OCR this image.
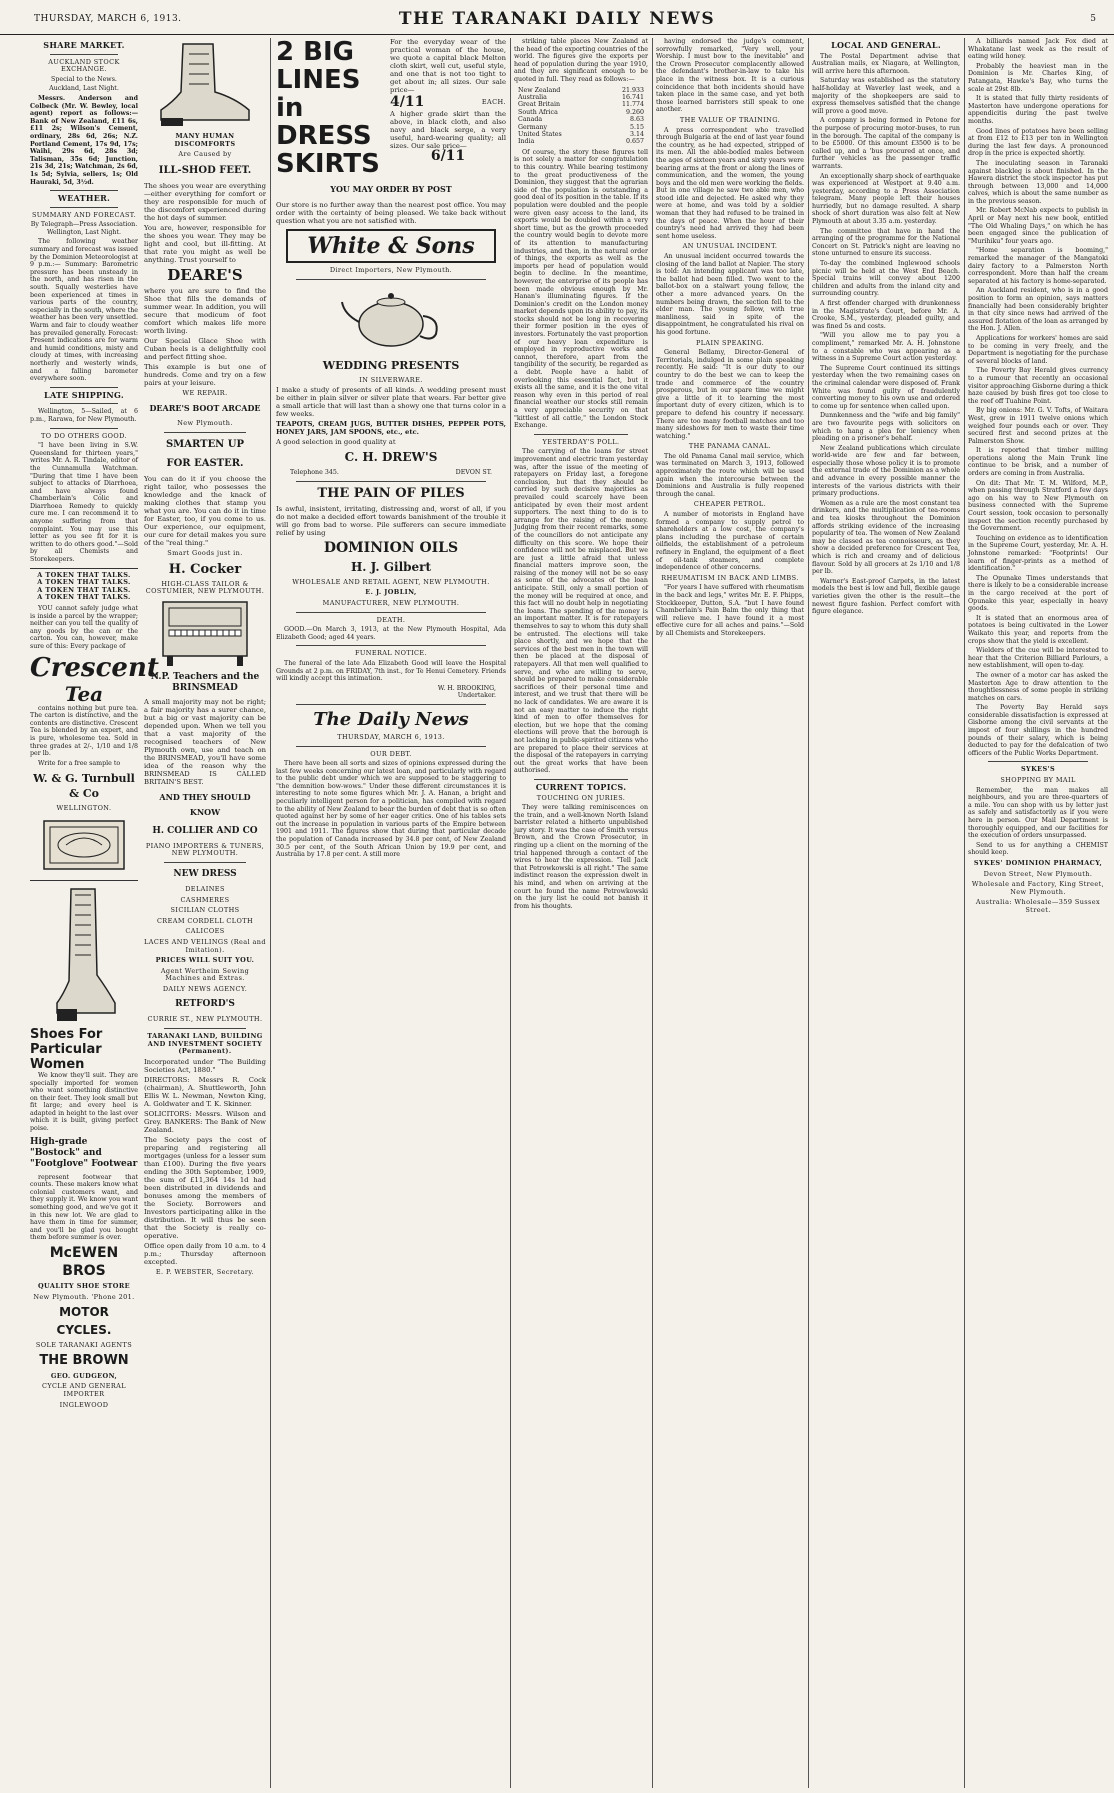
THURSDAY, MARCH 6, 1913.	THE TARANAKI DAILY NEWS	5
SHARE MARKET.
AUCKLAND STOCK EXCHANGE.

Special to the News.

Auckland, Last Night.

Messrs. Anderson and Colbeck (Mr. W. Bewley, local agent) report as follows:—Bank of New Zealand, £11 6s, £11 2s; Wilson's Cement, ordinary, 28s 6d, 26s; N.Z. Portland Cement, 17s 9d, 17s; Waihi, 29s 6d, 28s 3d; Talisman, 35s 6d; Junction, 21s 3d, 21s; Watchman, 2s 6d, 1s 5d; Sylvia, sellers, 1s; Old Hauraki, 5d, 3½d.

WEATHER.
SUMMARY AND FORECAST.

By Telegraph—Press Association. Wellington, Last Night.

The following weather summary and forecast was issued by the Dominion Meteorologist at 9 p.m.:— Summary: Barometric pressure has been unsteady in the north, and has risen in the south. Squally westerlies have been experienced at times in various parts of the country, especially in the south, where the weather has been very unsettled. Warm and fair to cloudy weather has prevailed generally. Forecast: Present indications are for warm and humid conditions, misty and cloudy at times, with increasing northerly and westerly winds, and a falling barometer everywhere soon.

LATE SHIPPING.

Wellington, 5—Sailed, at 6 p.m., Rarawa, for New Plymouth.

TO DO OTHERS GOOD.

"I have been living in S.W. Queensland for thirteen years," writes Mr. A. R. Tindale, editor of the Cunnamulla Watchman. "During that time I have been subject to attacks of Diarrhoea, and have always found Chamberlain's Colic and Diarrhoea Remedy to quickly cure me. I can recommend it to anyone suffering from that complaint. You may use this letter as you see fit for it is written to do others good."—Sold by all Chemists and Storekeepers.

A TOKEN THAT TALKS.
A TOKEN THAT TALKS.
A TOKEN THAT TALKS.
A TOKEN THAT TALKS.

YOU cannot safely judge what is inside a parcel by the wrapper; neither can you tell the quality of any goods by the can or the carton. You can, however, make sure of this: Every package of

Crescent
Tea

contains nothing but pure tea. The carton is distinctive, and the contents are distinctive. Crescent Tea is blended by an expert, and is pure, wholesome tea. Sold in three grades at 2/-, 1/10 and 1/8 per lb.

Write for a free sample to

W. & G. Turnbull & Co
WELLINGTON.
Shoes For Particular Women

We know they'll suit. They are specially imported for women who want something distinctive on their feet. They look small but fit large; and every heel is adapted in height to the last over which it is built, giving perfect poise.

High-grade "Bostock" and "Footglove" Footwear

represent footwear that counts. These makers know what colonial customers want, and they supply it. We know you want something good, and we've got it in this new lot. We are glad to have them in time for summer, and you'll be glad you bought them before summer is over.

McEWEN BROS
QUALITY SHOE STORE
New Plymouth. 'Phone 201.
MOTOR CYCLES.
SOLE TARANAKI AGENTS
THE BROWN
GEO. GUDGEON,
CYCLE AND GENERAL IMPORTER
INGLEWOOD
MANY HUMAN DISCOMFORTS
Are Caused by
ILL-SHOD FEET.

The shoes you wear are everything—either everything for comfort or they are responsible for much of the discomfort experienced during the hot days of summer.

You are, however, responsible for the shoes you wear. They may be light and cool, but ill-fitting. At that rate you might as well be anything. Trust yourself to

DEARE'S

where you are sure to find the Shoe that fills the demands of summer wear. In addition, you will secure that modicum of foot comfort which makes life more worth living.

Our Special Glace Shoe with Cuban heels is a delightfully cool and perfect fitting shoe.

This example is but one of hundreds. Come and try on a few pairs at your leisure.

WE REPAIR.
DEARE'S BOOT ARCADE
New Plymouth.
SMARTEN UP
FOR EASTER.

You can do it if you choose the right tailor, who possesses the knowledge and the knack of making clothes that stamp you what you are. You can do it in time for Easter, too, if you come to us. Our experience, our equipment, our cure for detail makes you sure of the "real thing."

Smart Goods just in.
H. Cocker
HIGH-CLASS TAILOR & COSTUMIER, NEW PLYMOUTH.
N.P. Teachers and the BRINSMEAD

A small majority may not be right; a fair majority has a surer chance, but a big or vast majority can be depended upon. When we tell you that a vast majority of the recognised teachers of New Plymouth own, use and teach on the BRINSMEAD, you'll have some idea of the reason why the BRINSMEAD IS CALLED BRITAIN'S BEST.

AND THEY SHOULD KNOW
H. COLLIER AND CO
PIANO IMPORTERS & TUNERS, NEW PLYMOUTH.
NEW DRESS
DELAINES
CASHMERES
SICILIAN CLOTHS
CREAM CORDELL CLOTH
CALICOES
LACES AND VEILINGS (Real and Imitation).
PRICES WILL SUIT YOU.
Agent Wertheim Sewing Machines and Extras.
DAILY NEWS AGENCY.
RETFORD'S
CURRIE ST., NEW PLYMOUTH.
TARANAKI LAND, BUILDING AND INVESTMENT SOCIETY (Permanent).

Incorporated under "The Building Societies Act, 1880."

DIRECTORS: Messrs R. Cock (chairman), A. Shuttleworth, John Ellis W. L. Newman, Newton King, A. Goldwater and T. K. Skinner.

SOLICITORS: Messrs. Wilson and Grey. BANKERS: The Bank of New Zealand.

The Society pays the cost of preparing and registering all mortgages (unless for a lesser sum than £100). During the five years ending the 30th September, 1909, the sum of £11,364 14s 1d had been distributed in dividends and bonuses among the members of the Society. Borrowers and Investors participating alike in the distribution. It will thus be seen that the Society is really co-operative.

Office open daily from 10 a.m. to 4 p.m.; Thursday afternoon excepted.

E. P. WEBSTER, Secretary.
2 BIG
LINES in
DRESS
SKIRTS

For the everyday wear of the practical woman of the house, we quote a capital black Melton cloth skirt, well cut, useful style, and one that is not too tight to get about in; all sizes. Our sale price—

4/11	EACH.

A higher grade skirt than the above, in black cloth, and also navy and black serge, a very useful, hard-wearing quality; all sizes. Our sale price—

6/11
YOU MAY ORDER BY POST

Our store is no further away than the nearest post office. You may order with the certainty of being pleased. We take back without question what you are not satisfied with.

White & Sons
Direct Importers, New Plymouth.
WEDDING PRESENTS
IN SILVERWARE.

I make a study of presents of all kinds. A wedding present must be either in plain silver or silver plate that wears. Far better give a small article that will last than a showy one that turns color in a few weeks.

TEAPOTS, CREAM JUGS, BUTTER DISHES, PEPPER POTS, HONEY JARS, JAM SPOONS, etc., etc.

A good selection in good quality at

C. H. DREW'S
Telephone 345.	DEVON ST.
THE PAIN OF PILES

Is awful, insistent, irritating, distressing and, worst of all, if you do not make a decided effort towards banishment of the trouble it will go from bad to worse. Pile sufferers can secure immediate relief by using

DOMINION OILS
H. J. Gilbert
WHOLESALE AND RETAIL AGENT, NEW PLYMOUTH.
E. J. JOBLIN,
MANUFACTURER, NEW PLYMOUTH.
DEATH.

GOOD.—On March 3, 1913, at the New Plymouth Hospital, Ada Elizabeth Good; aged 44 years.

FUNERAL NOTICE.

The funeral of the late Ada Elizabeth Good will leave the Hospital Grounds at 2 p.m. on FRIDAY, 7th inst., for Te Henui Cemetery. Friends will kindly accept this intimation.

W. H. BROOKING,
Undertaker.
The Daily News
THURSDAY, MARCH 6, 1913.
OUR DEBT.

There have been all sorts and sizes of opinions expressed during the last few weeks concerning our latest loan, and particularly with regard to the public debt under which we are supposed to be staggering to "the demnition bow-wows." Under these different circumstances it is interesting to note some figures which Mr. J. A. Hanan, a bright and peculiarly intelligent person for a politician, has compiled with regard to the ability of New Zealand to bear the burden of debt that is so often quoted against her by some of her eager critics. One of his tables sets out the increase in population in various parts of the Empire between 1901 and 1911. The figures show that during that particular decade the population of Canada increased by 34.8 per cent, of New Zealand 30.5 per cent, of the South African Union by 19.9 per cent, and Australia by 17.8 per cent. A still more

striking table places New Zealand at the head of the exporting countries of the world. The figures give the exports per head of population during the year 1910, and they are significant enough to be quoted in full. They read as follows:—

New Zealand	21.933
Australia	16.741
Great Britain	11.774
South Africa	9.260
Canada	8.63
Germany	5.15
United States	3.14
India	0.657

Of course, the story these figures tell is not solely a matter for congratulation to this country. While bearing testimony to the great productiveness of the Dominion, they suggest that the agrarian side of the population is outstanding a good deal of its position in the table. If its population were doubled and the people were given easy access to the land, its exports would be doubled within a very short time, but as the growth proceeded the country would begin to devote more of its attention to manufacturing industries, and then, in the natural order of things, the exports as well as the imports per head of population would begin to decline. In the meantime, however, the enterprise of its people has been made obvious enough by Mr. Hanan's illuminating figures. If the Dominion's credit on the London money market depends upon its ability to pay, its stocks should not be long in recovering their former position in the eyes of investors. Fortunately the vast proportion of our heavy loan expenditure is employed in reproductive works and cannot, therefore, apart from the tangibility of the security, be regarded as a debt. People have a habit of overlooking this essential fact, but it exists all the same, and it is the one vital reason why even in this period of real financial weather our stocks still remain a very appreciable security on that "kittlest of all cattle," the London Stock Exchange.

YESTERDAY'S POLL.

The carrying of the loans for street improvement and electric tram yesterday was, after the issue of the meeting of ratepayers on Friday last, a foregone conclusion, but that they should be carried by such decisive majorities as prevailed could scarcely have been anticipated by even their most ardent supporters. The next thing to do is to arrange for the raising of the money. Judging from their recent remarks, some of the councillors do not anticipate any difficulty on this score. We hope their confidence will not be misplaced. But we are just a little afraid that unless financial matters improve soon, the raising of the money will not be so easy as some of the advocates of the loan anticipate. Still, only a small portion of the money will be required at once, and this fact will no doubt help in negotiating the loans. The spending of the money is an important matter. It is for ratepayers themselves to say to whom this duty shall be entrusted. The elections will take place shortly, and we hope that the services of the best men in the town will then be placed at the disposal of ratepayers. All that men well qualified to serve, and who are willing to serve, should be prepared to make considerable sacrifices of their personal time and interest, and we trust that there will be no lack of candidates. We are aware it is not an easy matter to induce the right kind of men to offer themselves for election, but we hope that the coming elections will prove that the borough is not lacking in public-spirited citizens who are prepared to place their services at the disposal of the ratepayers in carrying out the great works that have been authorised.

CURRENT TOPICS.
TOUCHING ON JURIES.

They were talking reminiscences on the train, and a well-known North Island barrister related a hitherto unpublished jury story. It was the case of Smith versus Brown, and the Crown Prosecutor, in ringing up a client on the morning of the trial happened through a contact of the wires to hear the expression. "Tell Jack that Petrowkowski is all right." The same indistinct reason the expression dwelt in his mind, and when on arriving at the court he found the name Petrowkowski on the jury list he could not banish it from his thoughts.

having endorsed the judge's comment, sorrowfully remarked, "Very well, your Worship. I must bow to the inevitable" and the Crown Prosecutor complacently allowed the defendant's brother-in-law to take his place in the witness box. It is a curious coincidence that both incidents should have taken place in the same case, and yet both those learned barristers still speak to one another.

THE VALUE OF TRAINING.

A press correspondent who travelled through Bulgaria at the end of last year found the country, as he had expected, stripped of its men. All the able-bodied males between the ages of sixteen years and sixty years were bearing arms at the front or along the lines of communication, and the women, the young boys and the old men were working the fields. But in one village he saw two able men, who stood idle and dejected. He asked why they were at home, and was told by a soldier woman that they had refused to be trained in the days of peace. When the hour of their country's need had arrived they had been sent home useless.

AN UNUSUAL INCIDENT.

An unusual incident occurred towards the closing of the land ballot at Napier. The story is told: An intending applicant was too late, the ballot had been filled. Two went to the ballot-box on a stalwart young fellow, the other a more advanced years. On the numbers being drawn, the section fell to the elder man. The young fellow, with true manliness, said in spite of the disappointment, he congratulated his rival on his good fortune.

PLAIN SPEAKING.

General Bellamy, Director-General of Territorials, indulged in some plain speaking recently. He said: "It is our duty to our country to do the best we can to keep the trade and commerce of the country prosperous, but in our spare time we might give a little of it to learning the most important duty of every citizen, which is to prepare to defend his country if necessary. There are too many football matches and too many sideshows for men to waste their time watching."

THE PANAMA CANAL.

The old Panama Canal mail service, which was terminated on March 3, 1913, followed approximately the route which will be used again when the intercourse between the Dominions and Australia is fully reopened through the canal.

CHEAPER PETROL.

A number of motorists in England have formed a company to supply petrol to shareholders at a low cost, the company's plans including the purchase of certain oilfields, the establishment of a petroleum refinery in England, the equipment of a fleet of oil-tank steamers, and complete independence of other concerns.

RHEUMATISM IN BACK AND LIMBS.

"For years I have suffered with rheumatism in the back and legs," writes Mr. E. F. Phipps, Stockkeeper, Dutton, S.A. "but I have found Chamberlain's Pain Balm the only thing that will relieve me. I have found it a most effective cure for all aches and pains."—Sold by all Chemists and Storekeepers.

LOCAL AND GENERAL.

The Postal Department advise that Australian mails, ex Niagara, at Wellington, will arrive here this afternoon.

Saturday was established as the statutory half-holiday at Waverley last week, and a majority of the shopkeepers are said to express themselves satisfied that the change will prove a good move.

A company is being formed in Petone for the purpose of procuring motor-buses, to run in the borough. The capital of the company is to be £5000. Of this amount £3500 is to be called up, and a 'bus procured at once, and further vehicles as the passenger traffic warrants.

An exceptionally sharp shock of earthquake was experienced at Westport at 9.40 a.m. yesterday, according to a Press Association telegram. Many people left their houses hurriedly, but no damage resulted. A sharp shock of short duration was also felt at New Plymouth at about 3.35 a.m. yesterday.

The committee that have in hand the arranging of the programme for the National Concert on St. Patrick's night are leaving no stone unturned to ensure its success.

To-day the combined Inglewood schools picnic will be held at the West End Beach. Special trains will convey about 1200 children and adults from the inland city and surrounding country.

A first offender charged with drunkenness in the Magistrate's Court, before Mr. A. Crooke, S.M., yesterday, pleaded guilty, and was fined 5s and costs.

"Will you allow me to pay you a compliment," remarked Mr. A. H. Johnstone to a constable who was appearing as a witness in a Supreme Court action yesterday.

The Supreme Court continued its sittings yesterday when the two remaining cases on the criminal calendar were disposed of. Frank White was found guilty of fraudulently converting money to his own use and ordered to come up for sentence when called upon.

Dunnkenness and the "wife and big family" are two favourite pegs with solicitors on which to hang a plea for leniency when pleading on a prisoner's behalf.

New Zealand publications which circulate world-wide are few and far between, especially those whose policy it is to promote the external trade of the Dominion as a whole and advance in every possible manner the interests of the various districts with their primary productions.

Women as a rule are the most constant tea drinkers, and the multiplication of tea-rooms and tea kiosks throughout the Dominion affords striking evidence of the increasing popularity of tea. The women of New Zealand may be classed as tea connoisseurs, as they show a decided preference for Crescent Tea, which is rich and creamy and of delicious flavour. Sold by all grocers at 2s 1/10 and 1/8 per lb.

Warner's East-proof Carpets, in the latest models the best is low and full, flexible gauge varieties given the other is the result—the newest figure fashion. Perfect comfort with figure elegance.

A billiards named Jack Fox died at Whakatane last week as the result of eating wild honey.

Probably the heaviest man in the Dominion is Mr. Charles King, of Patangata, Hawke's Bay, who turns the scale at 29st 8lb.

It is stated that fully thirty residents of Masterton have undergone operations for appendicitis during the past twelve months.

Good lines of potatoes have been selling at from £12 to £13 per ton in Wellington during the last few days. A pronounced drop in the price is expected shortly.

The inoculating season in Taranaki against blackleg is about finished. In the Hawera district the stock inspector has put through between 13,000 and 14,000 calves, which is about the same number as in the previous season.

Mr. Robert McNab expects to publish in April or May next his new book, entitled "The Old Whaling Days," on which he has been engaged since the publication of "Murihiku" four years ago.

"Home separation is booming," remarked the manager of the Mangatoki dairy factory to a Palmerston North correspondent. More than half the cream separated at his factory is home-separated.

An Auckland resident, who is in a good position to form an opinion, says matters financially had been considerably brighter in that city since news had arrived of the assured flotation of the loan as arranged by the Hon. J. Allen.

Applications for workers' homes are said to be coming in very freely, and the Department is negotiating for the purchase of several blocks of land.

The Poverty Bay Herald gives currency to a rumour that recently an occasional visitor approaching Gisborne during a thick haze caused by bush fires got too close to the reef off Tuahine Point.

By big onions: Mr. G. V. Tofts, of Waitara West, grew in 1911 twelve onions which weighed four pounds each or over. They secured first and second prizes at the Palmerston Show.

It is reported that timber milling operations along the Main Trunk line continue to be brisk, and a number of orders are coming in from Australia.

On dit: That Mr. T. M. Wilford, M.P., when passing through Stratford a few days ago on his way to New Plymouth on business connected with the Supreme Court session, took occasion to personally inspect the section recently purchased by the Government.

Touching on evidence as to identification in the Supreme Court, yesterday, Mr. A. H. Johnstone remarked: "Footprints! Our learn of finger-prints as a method of identification."

The Opunake Times understands that there is likely to be a considerable increase in the cargo received at the port of Opunake this year, especially in heavy goods.

It is stated that an enormous area of potatoes is being cultivated in the Lower Waikato this year, and reports from the crops show that the yield is excellent.

Wielders of the cue will be interested to hear that the Criterion Billiard Parlours, a new establishment, will open to-day.

The owner of a motor car has asked the Masterton Age to draw attention to the thoughtlessness of some people in striking matches on cars.

The Poverty Bay Herald says considerable dissatisfaction is expressed at Gisborne among the civil servants at the impost of four shillings in the hundred pounds of their salary, which is being deducted to pay for the defalcation of two officers of the Public Works Department.

SYKES'S
SHOPPING BY MAIL

Remember, the man makes all neighbours, and you are three-quarters of a mile. You can shop with us by letter just as safely and satisfactorily as if you were here in person. Our Mail Department is thoroughly equipped, and our facilities for the execution of orders unsurpassed.

Send to us for anything a CHEMIST should keep.

SYKES' DOMINION PHARMACY,
Devon Street, New Plymouth.
Wholesale and Factory, King Street, New Plymouth.
Australia: Wholesale—359 Sussex Street.
